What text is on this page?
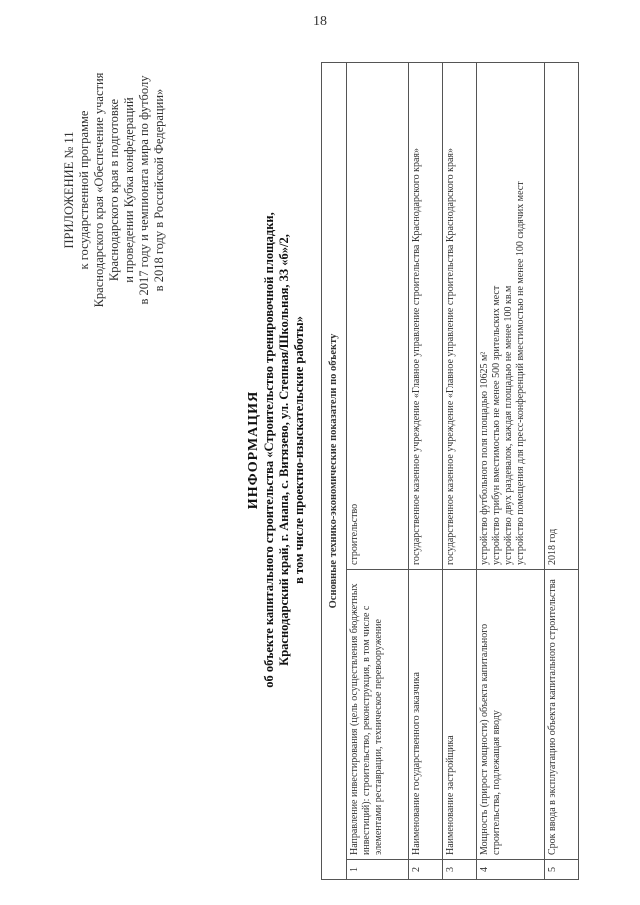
18
ПРИЛОЖЕНИЕ № 11 к государственной программе Краснодарского края «Обеспечение участия Краснодарского края в подготовке и проведении Кубка конфедераций в 2017 году и чемпионата мира по футболу в 2018 году в Российской Федерации»
ИНФОРМАЦИЯ об объекте капитального строительства «Строительство тренировочной площадки, Краснодарский край, г. Анапа, с. Витязево, ул. Степная/Школьная, 33 «б»/2, в том числе проектно-изыскательские работы» Основные технико-экономические показатели по объекту		
1	Направление инвестирования (цель осуществления бюджетных инвестиций): строительство, реконструкция, в том числе с элементами реставрации, техническое перевооружение	строительство
2	Наименование государственного заказчика	государственное казенное учреждение «Главное управление строительства Краснодарского края»
3	Наименование застройщика	государственное казенное учреждение «Главное управление строительства Краснодарского края»
4	Мощность (прирост мощности) объекта капитального строительства, подлежащая вводу	устройство футбольного поля площадью 10625 м² устройство трибун вместимостью не менее 500 зрительских мест устройство двух раздевалок, каждая площадью не менее 100 кв.м устройство помещения для пресс-конференций вместимостью не менее 100 сидячих мест

5	Срок ввода в эксплуатацию объекта капитального строительства	2018 год
